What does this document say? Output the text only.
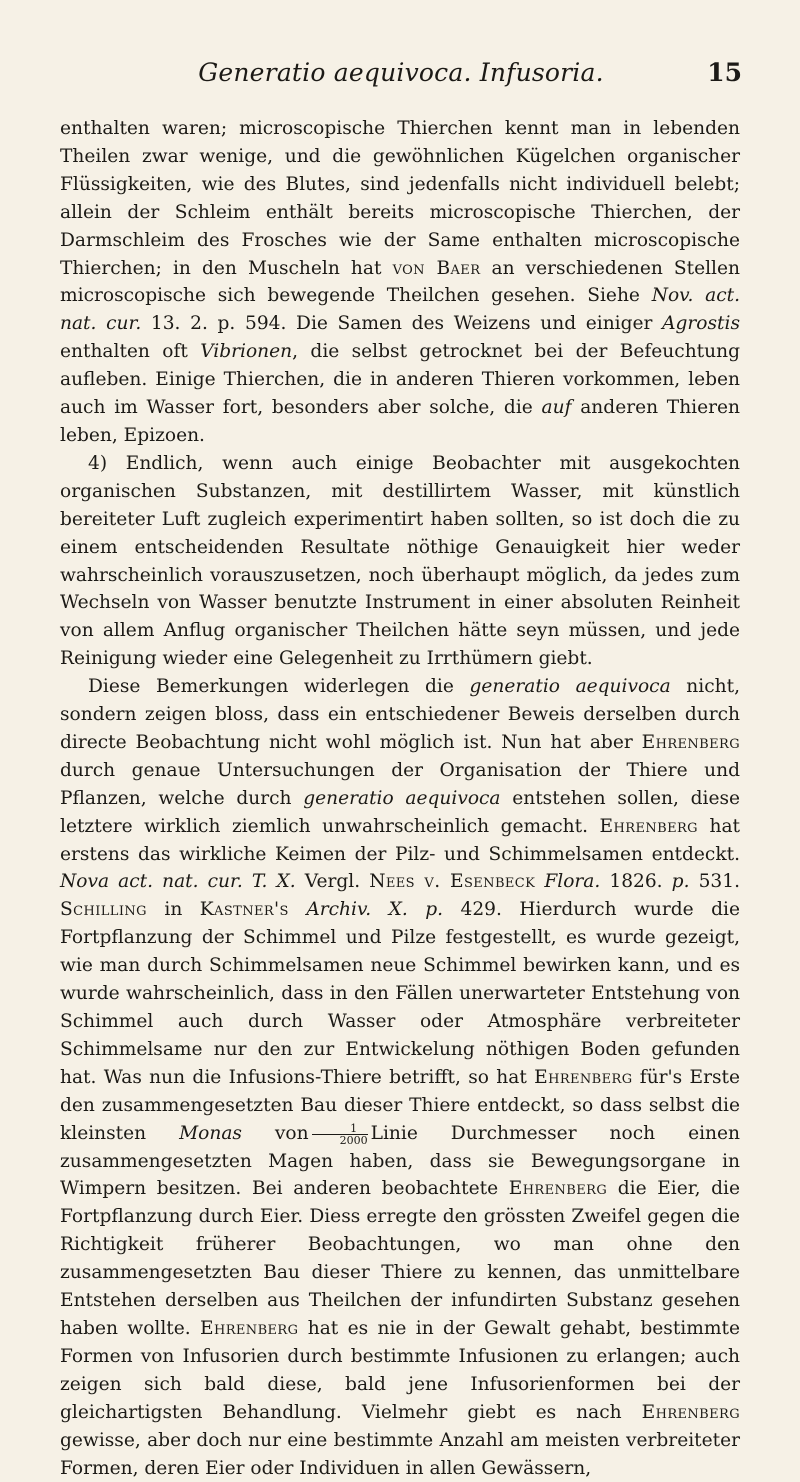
Generatio aequivoca. Infusoria.	15

enthalten waren; microscopische Thierchen kennt man in lebenden Theilen zwar wenige, und die gewöhnlichen Kügelchen organischer Flüssigkeiten, wie des Blutes, sind jedenfalls nicht individuell belebt; allein der Schleim enthält bereits microscopische Thierchen, der Darmschleim des Frosches wie der Same enthalten microscopische Thierchen; in den Muscheln hat von Baer an verschiedenen Stellen microscopische sich bewegende Theilchen gesehen. Siehe Nov. act. nat. cur. 13. 2. p. 594. Die Samen des Weizens und einiger Agrostis enthalten oft Vibrionen, die selbst getrocknet bei der Befeuchtung aufleben. Einige Thierchen, die in anderen Thieren vorkommen, leben auch im Wasser fort, besonders aber solche, die auf anderen Thieren leben, Epizoen.

4) Endlich, wenn auch einige Beobachter mit ausgekochten organischen Substanzen, mit destillirtem Wasser, mit künstlich bereiteter Luft zugleich experimentirt haben sollten, so ist doch die zu einem entscheidenden Resultate nöthige Genauigkeit hier weder wahrscheinlich vorauszusetzen, noch überhaupt möglich, da jedes zum Wechseln von Wasser benutzte Instrument in einer absoluten Reinheit von allem Anflug organischer Theilchen hätte seyn müssen, und jede Reinigung wieder eine Gelegenheit zu Irrthümern giebt.

Diese Bemerkungen widerlegen die generatio aequivoca nicht, sondern zeigen bloss, dass ein entschiedener Beweis derselben durch directe Beobachtung nicht wohl möglich ist. Nun hat aber Ehrenberg durch genaue Untersuchungen der Organisation der Thiere und Pflanzen, welche durch generatio aequivoca entstehen sollen, diese letztere wirklich ziemlich unwahrscheinlich gemacht. Ehrenberg hat erstens das wirkliche Keimen der Pilz- und Schimmelsamen entdeckt. Nova act. nat. cur. T. X. Vergl. Nees v. Esenbeck Flora. 1826. p. 531. Schilling in Kastner's Archiv. X. p. 429. Hierdurch wurde die Fortpflanzung der Schimmel und Pilze festgestellt, es wurde gezeigt, wie man durch Schimmelsamen neue Schimmel bewirken kann, und es wurde wahrscheinlich, dass in den Fällen unerwarteter Entstehung von Schimmel auch durch Wasser oder Atmosphäre verbreiteter Schimmelsame nur den zur Entwickelung nöthigen Boden gefunden hat. Was nun die Infusions-Thiere betrifft, so hat Ehrenberg für's Erste den zusammengesetzten Bau dieser Thiere entdeckt, so dass selbst die kleinsten Monas von $\frac{1}{2000}$ Linie Durchmesser noch einen zusammengesetzten Magen haben, dass sie Bewegungsorgane in Wimpern besitzen. Bei anderen beobachtete Ehrenberg die Eier, die Fortpflanzung durch Eier. Diess erregte den grössten Zweifel gegen die Richtigkeit früherer Beobachtungen, wo man ohne den zusammengesetzten Bau dieser Thiere zu kennen, das unmittelbare Entstehen derselben aus Theilchen der infundirten Substanz gesehen haben wollte. Ehrenberg hat es nie in der Gewalt gehabt, bestimmte Formen von Infusorien durch bestimmte Infusionen zu erlangen; auch zeigen sich bald diese, bald jene Infusorienformen bei der gleichartigsten Behandlung. Vielmehr giebt es nach Ehrenberg gewisse, aber doch nur eine bestimmte Anzahl am meisten verbreiteter Formen, deren Eier oder Individuen in allen Gewässern,
